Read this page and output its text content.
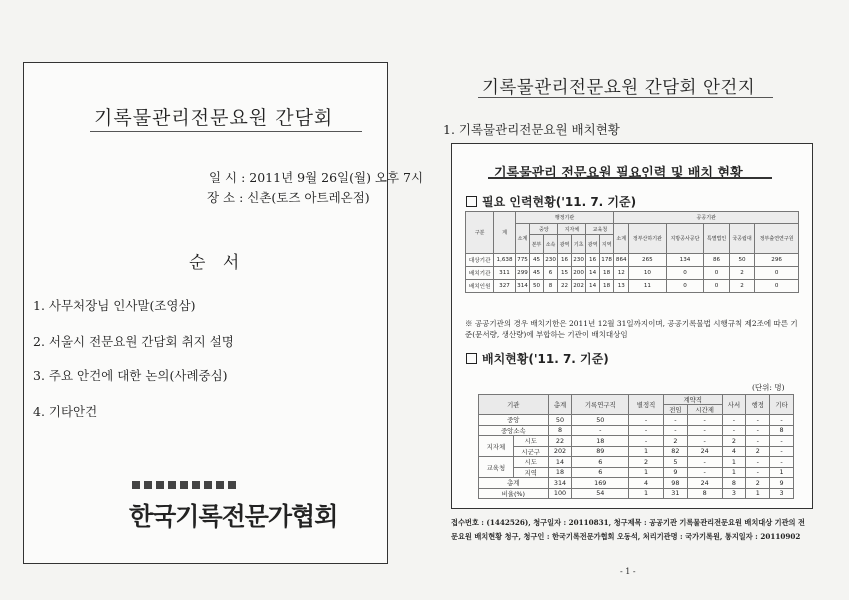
기록물관리전문요원 간담회
일 시 : 2011년 9월 26일(월) 오후 7시
장 소 : 신촌(토즈 아트레온점)
순 서
1. 사무처장님 인사말(조영삼)
2. 서울시 전문요원 간담회 취지 설명
3. 주요 안건에 대한 논의(사례중심)
4. 기타안건
한국기록전문가협회
기록물관리전문요원 간담회 안건지
1. 기록물관리전문요원 배치현황
기록물관리 전문요원 필요인력 및 배치 현황
필요 인력현황('11. 7. 기준)
구분	계	행정기관							공공기관					
		소계	중앙		지자체		교육청		소계	정부산하기관	지방공사공단	특별법인	국공립대	정부출연연구원
			본부	소속	광역	기초	광역	지역						
대상기관	1,638	775	45	230	16	230	16	178	864	265	134	86	50	296
배치기관	311	299	45	6	15	200	14	18	12	10	0	0	2	0
배치인원	327	314	50	8	22	202	14	18	13	11	0	0	2	0
※ 공공기관의 경우 배치기한은 2011년 12월 31일까지이며, 공공기록물법 시행규칙 제2조에 따른 기준(문서량, 생산량)에 부합하는 기관이 배치대상임
배치현황('11. 7. 기준)
(단위: 명)
기관		총계	기록연구직	별정직	계약직		사서	행정	기타
					전임	시간제			
중앙		50	50	-	-	-	-	-	-
중앙소속		8	-	-	-	-	-	-	8
지자체	시도	22	18	-	2	-	2	-	-
	시군구	202	89	1	82	24	4	2	-
교육청	시도	14	6	2	5	-	1	-	-
	지역	18	6	1	9	-	1	-	1
총계		314	169	4	98	24	8	2	9
비율(%)		100	54	1	31	8	3	1	3
접수번호 : (1442526), 청구일자 : 20110831, 청구제목 : 공공기관 기록물관리전문요원 배치대상 기관의 전
문요원 배치현황 청구, 청구인 : 한국기록전문가협회 오동석, 처리기관명 : 국가기록원, 통지일자 : 20110902
- 1 -
